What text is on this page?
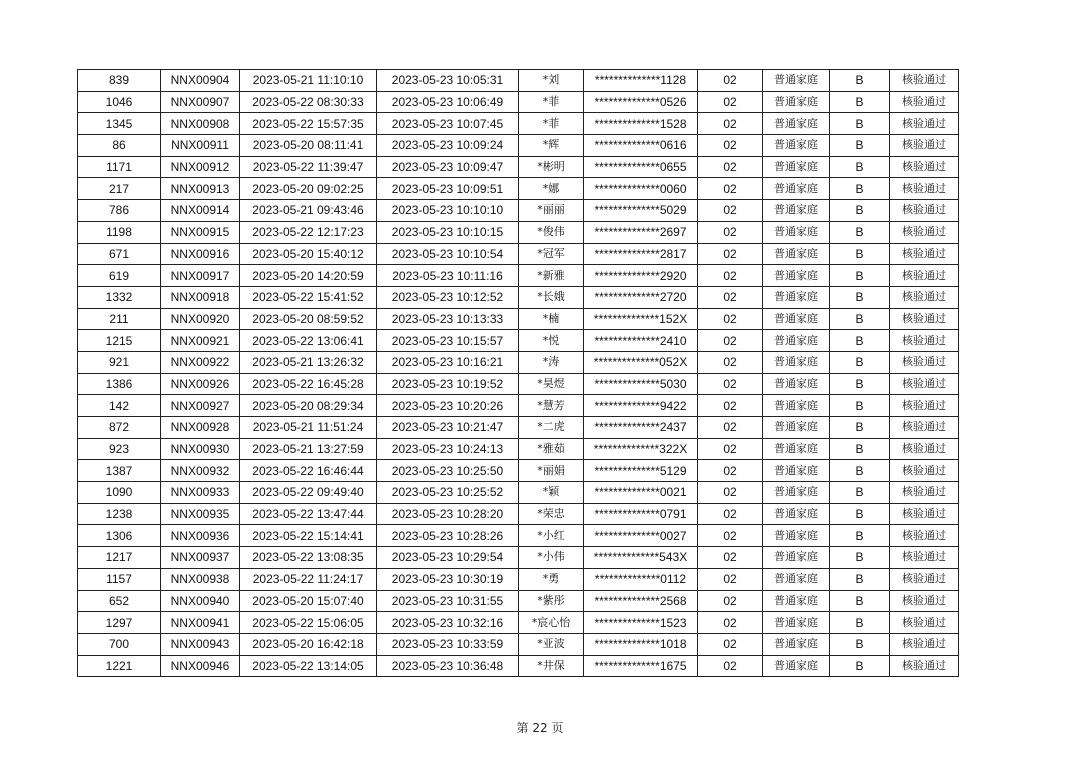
839	NNX00904	2023-05-21 11:10:10	2023-05-23 10:05:31	*刘	**************1128	02	普通家庭	B	核验通过
1046	NNX00907	2023-05-22 08:30:33	2023-05-23 10:06:49	*菲	**************0526	02	普通家庭	B	核验通过
1345	NNX00908	2023-05-22 15:57:35	2023-05-23 10:07:45	*菲	**************1528	02	普通家庭	B	核验通过
86	NNX00911	2023-05-20 08:11:41	2023-05-23 10:09:24	*辉	**************0616	02	普通家庭	B	核验通过
1171	NNX00912	2023-05-22 11:39:47	2023-05-23 10:09:47	*彬明	**************0655	02	普通家庭	B	核验通过
217	NNX00913	2023-05-20 09:02:25	2023-05-23 10:09:51	*娜	**************0060	02	普通家庭	B	核验通过
786	NNX00914	2023-05-21 09:43:46	2023-05-23 10:10:10	*丽丽	**************5029	02	普通家庭	B	核验通过
1198	NNX00915	2023-05-22 12:17:23	2023-05-23 10:10:15	*俊伟	**************2697	02	普通家庭	B	核验通过
671	NNX00916	2023-05-20 15:40:12	2023-05-23 10:10:54	*冠军	**************2817	02	普通家庭	B	核验通过
619	NNX00917	2023-05-20 14:20:59	2023-05-23 10:11:16	*新雅	**************2920	02	普通家庭	B	核验通过
1332	NNX00918	2023-05-22 15:41:52	2023-05-23 10:12:52	*长娥	**************2720	02	普通家庭	B	核验通过
211	NNX00920	2023-05-20 08:59:52	2023-05-23 10:13:33	*楠	**************152X	02	普通家庭	B	核验通过
1215	NNX00921	2023-05-22 13:06:41	2023-05-23 10:15:57	*悦	**************2410	02	普通家庭	B	核验通过
921	NNX00922	2023-05-21 13:26:32	2023-05-23 10:16:21	*涛	**************052X	02	普通家庭	B	核验通过
1386	NNX00926	2023-05-22 16:45:28	2023-05-23 10:19:52	*昊煜	**************5030	02	普通家庭	B	核验通过
142	NNX00927	2023-05-20 08:29:34	2023-05-23 10:20:26	*慧芳	**************9422	02	普通家庭	B	核验通过
872	NNX00928	2023-05-21 11:51:24	2023-05-23 10:21:47	*二虎	**************2437	02	普通家庭	B	核验通过
923	NNX00930	2023-05-21 13:27:59	2023-05-23 10:24:13	*雅茹	**************322X	02	普通家庭	B	核验通过
1387	NNX00932	2023-05-22 16:46:44	2023-05-23 10:25:50	*丽娟	**************5129	02	普通家庭	B	核验通过
1090	NNX00933	2023-05-22 09:49:40	2023-05-23 10:25:52	*颖	**************0021	02	普通家庭	B	核验通过
1238	NNX00935	2023-05-22 13:47:44	2023-05-23 10:28:20	*荣忠	**************0791	02	普通家庭	B	核验通过
1306	NNX00936	2023-05-22 15:14:41	2023-05-23 10:28:26	*小红	**************0027	02	普通家庭	B	核验通过
1217	NNX00937	2023-05-22 13:08:35	2023-05-23 10:29:54	*小伟	**************543X	02	普通家庭	B	核验通过
1157	NNX00938	2023-05-22 11:24:17	2023-05-23 10:30:19	*勇	**************0112	02	普通家庭	B	核验通过
652	NNX00940	2023-05-20 15:07:40	2023-05-23 10:31:55	*紫彤	**************2568	02	普通家庭	B	核验通过
1297	NNX00941	2023-05-22 15:06:05	2023-05-23 10:32:16	*宸心怡	**************1523	02	普通家庭	B	核验通过
700	NNX00943	2023-05-20 16:42:18	2023-05-23 10:33:59	*亚波	**************1018	02	普通家庭	B	核验通过
1221	NNX00946	2023-05-22 13:14:05	2023-05-23 10:36:48	*井保	**************1675	02	普通家庭	B	核验通过
第 22 页
